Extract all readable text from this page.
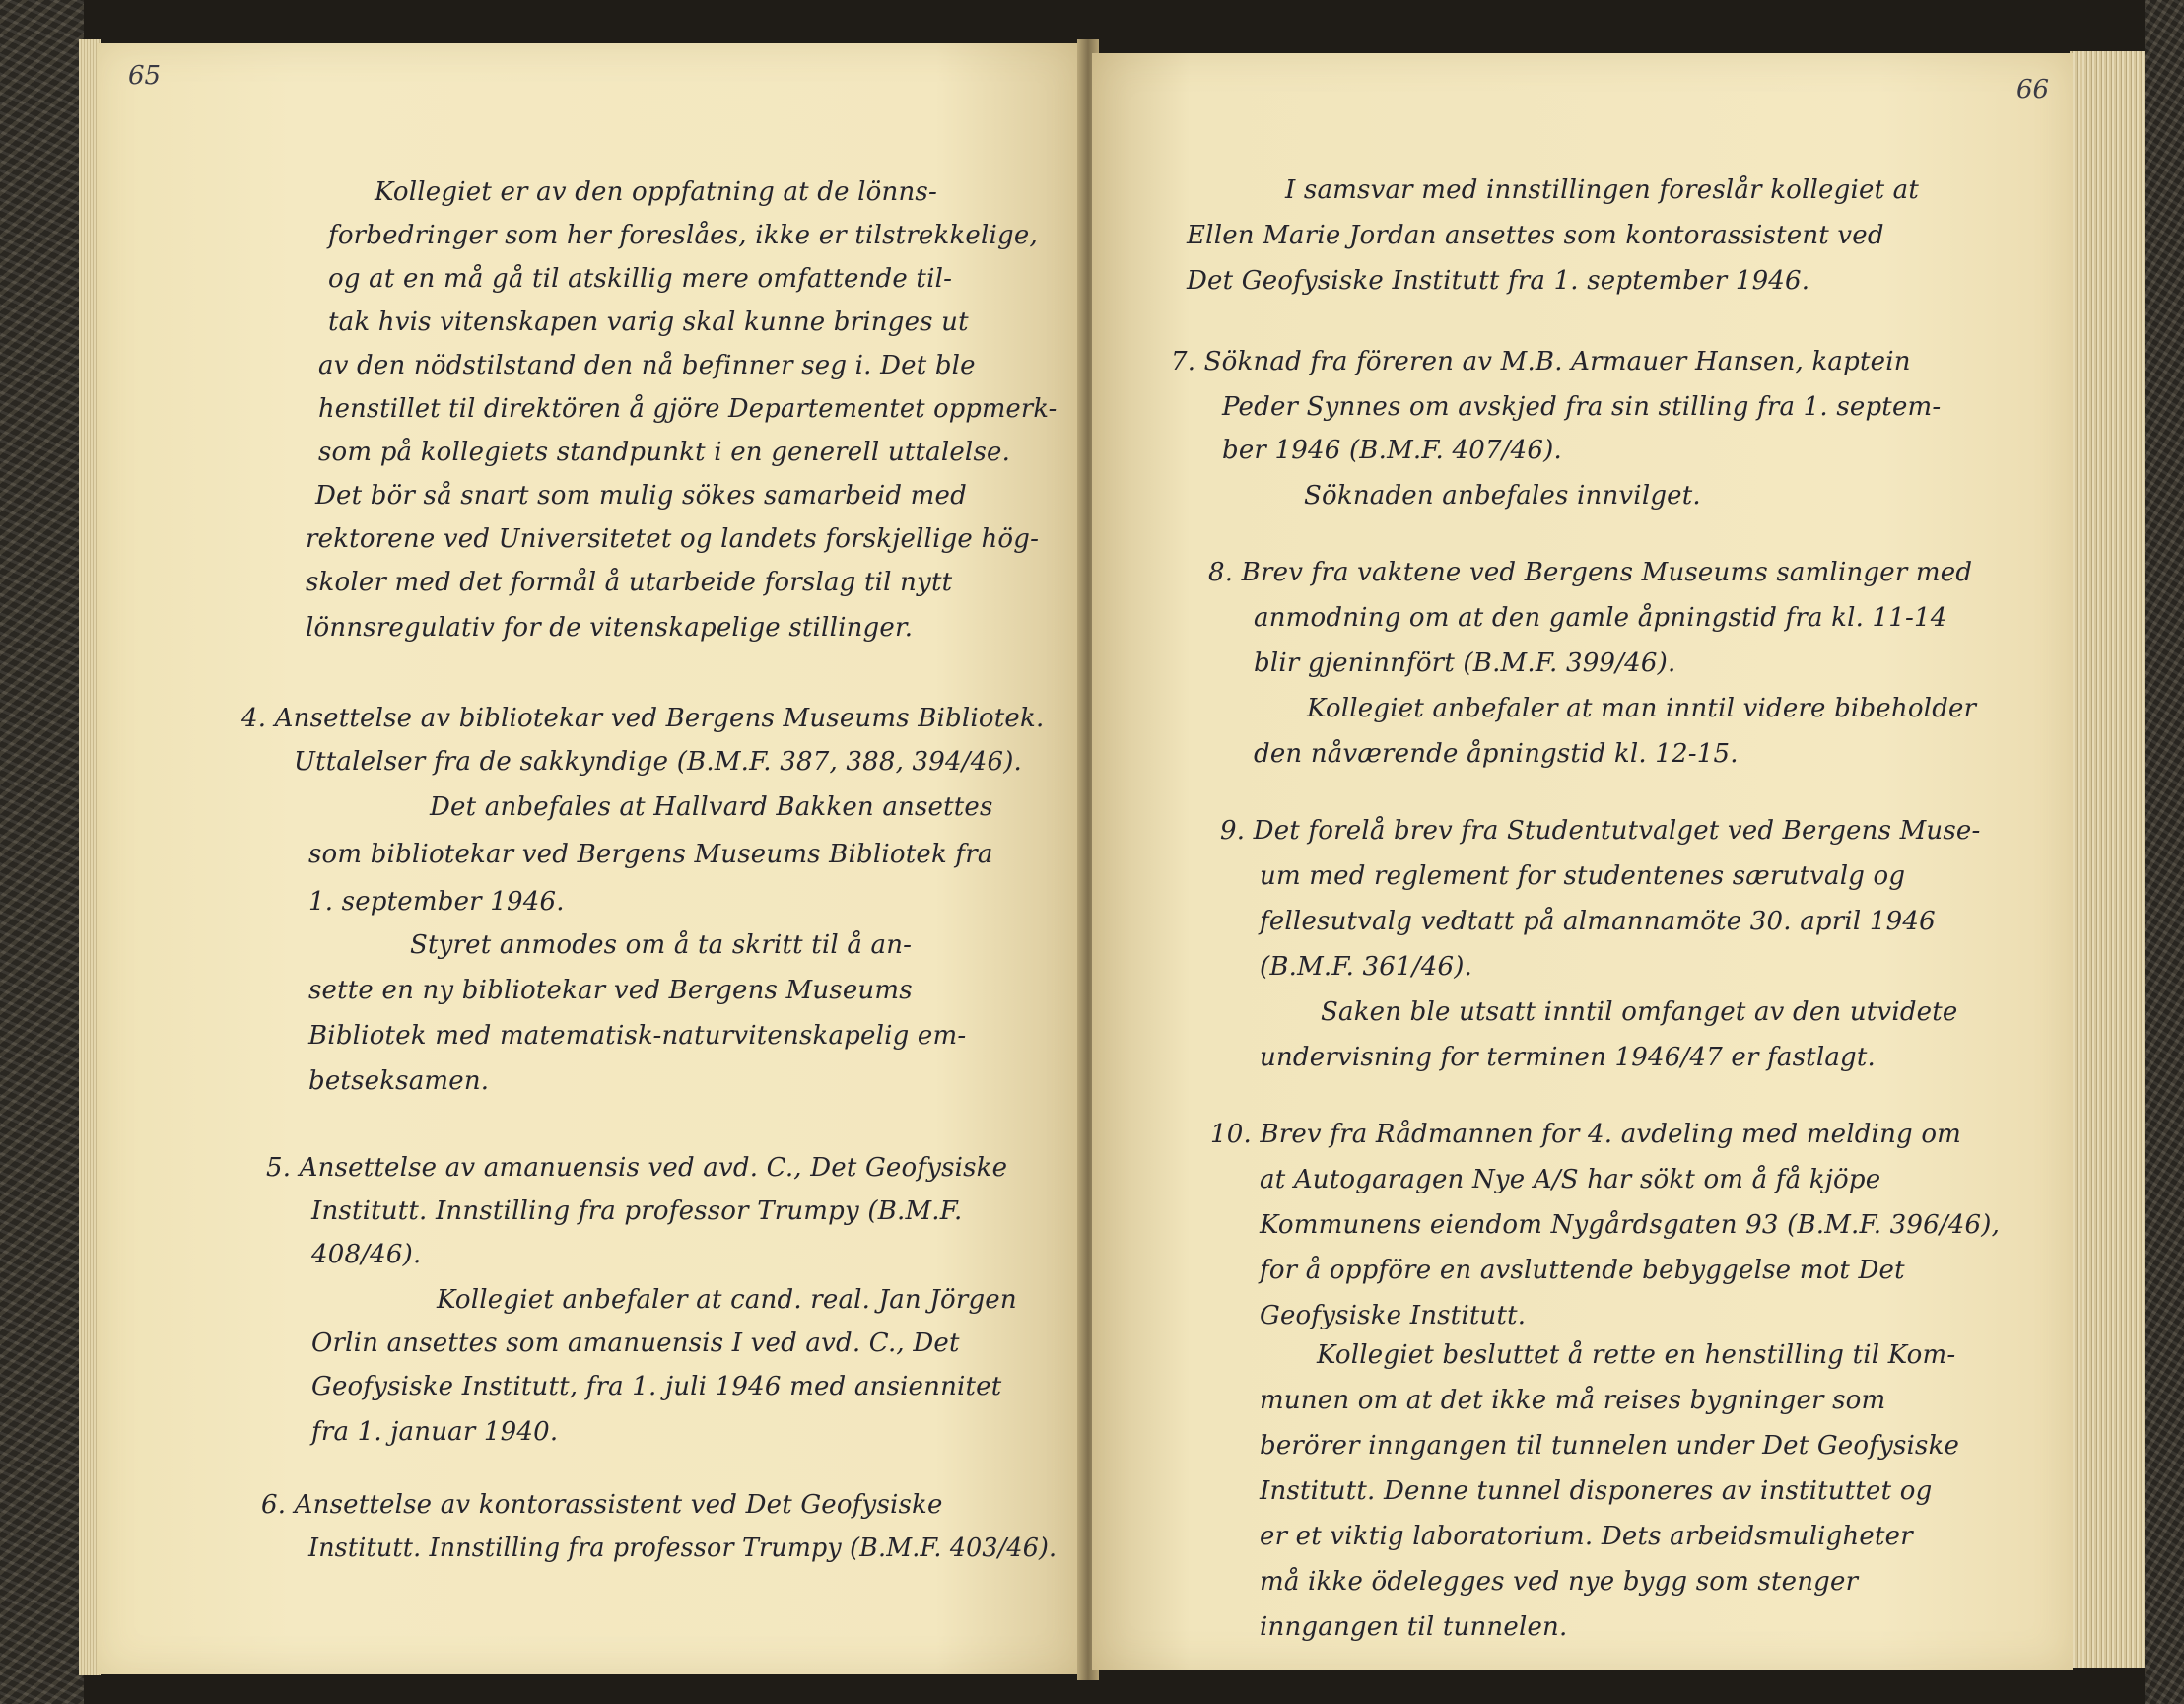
65
Kollegiet er av den oppfatning at de lönns-
forbedringer som her foreslåes, ikke er tilstrekkelige,
og at en må gå til atskillig mere omfattende til-
tak hvis vitenskapen varig skal kunne bringes ut
av den nödstilstand den nå befinner seg i. Det ble
henstillet til direktören å gjöre Departementet oppmerk-
som på kollegiets standpunkt i en generell uttalelse.
Det bör så snart som mulig sökes samarbeid med
rektorene ved Universitetet og landets forskjellige hög-
skoler med det formål å utarbeide forslag til nytt
lönnsregulativ for de vitenskapelige stillinger.
4. Ansettelse av bibliotekar ved Bergens Museums Bibliotek.
Uttalelser fra de sakkyndige (B.M.F. 387, 388, 394/46).
Det anbefales at Hallvard Bakken ansettes
som bibliotekar ved Bergens Museums Bibliotek fra
1. september 1946.
Styret anmodes om å ta skritt til å an-
sette en ny bibliotekar ved Bergens Museums
Bibliotek med matematisk-naturvitenskapelig em-
betseksamen.
5. Ansettelse av amanuensis ved avd. C., Det Geofysiske
Institutt. Innstilling fra professor Trumpy (B.M.F.
408/46).
Kollegiet anbefaler at cand. real. Jan Jörgen
Orlin ansettes som amanuensis I ved avd. C., Det
Geofysiske Institutt, fra 1. juli 1946 med ansiennitet
fra 1. januar 1940.
6. Ansettelse av kontorassistent ved Det Geofysiske
Institutt. Innstilling fra professor Trumpy (B.M.F. 403/46).
66
I samsvar med innstillingen foreslår kollegiet at
Ellen Marie Jordan ansettes som kontorassistent ved
Det Geofysiske Institutt fra 1. september 1946.
7. Söknad fra föreren av M.B. Armauer Hansen, kaptein
Peder Synnes om avskjed fra sin stilling fra 1. septem-
ber 1946 (B.M.F. 407/46).
Söknaden anbefales innvilget.
8. Brev fra vaktene ved Bergens Museums samlinger med
anmodning om at den gamle åpningstid fra kl. 11-14
blir gjeninnfört (B.M.F. 399/46).
Kollegiet anbefaler at man inntil videre bibeholder
den nåværende åpningstid kl. 12-15.
9. Det forelå brev fra Studentutvalget ved Bergens Muse-
um med reglement for studentenes særutvalg og
fellesutvalg vedtatt på almannamöte 30. april 1946
(B.M.F. 361/46).
Saken ble utsatt inntil omfanget av den utvidete
undervisning for terminen 1946/47 er fastlagt.
10. Brev fra Rådmannen for 4. avdeling med melding om
at Autogaragen Nye A/S har sökt om å få kjöpe
Kommunens eiendom Nygårdsgaten 93 (B.M.F. 396/46),
for å oppföre en avsluttende bebyggelse mot Det
Geofysiske Institutt.
Kollegiet besluttet å rette en henstilling til Kom-
munen om at det ikke må reises bygninger som
berörer inngangen til tunnelen under Det Geofysiske
Institutt. Denne tunnel disponeres av instituttet og
er et viktig laboratorium. Dets arbeidsmuligheter
må ikke ödelegges ved nye bygg som stenger
inngangen til tunnelen.
